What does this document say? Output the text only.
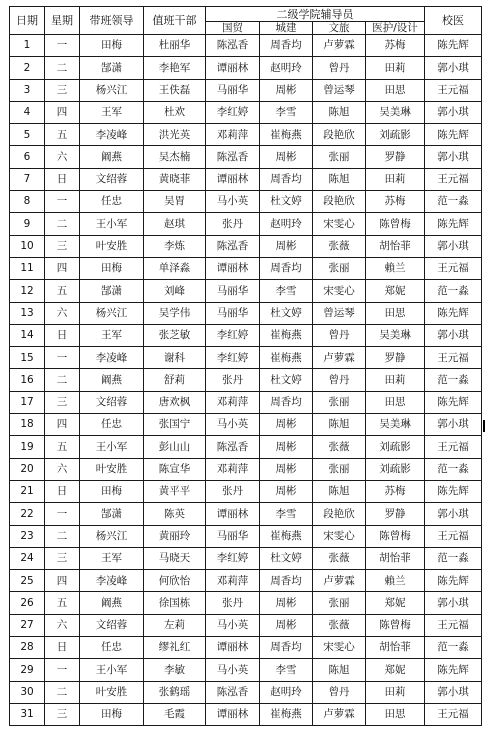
日期	星期	带班领导	值班干部	二级学院辅导员				校医
				国贸	城建	文旅	医护/设计	
1	一	田梅	杜丽华	陈泓香	周香均	卢萝霖	苏梅	陈先辉
2	二	郜潇	李艳军	谭丽林	赵明玲	曾丹	田莉	郭小琪
3	三	杨兴江	王佚磊	马丽华	周彬	曾运琴	田思	王元福
4	四	王军	杜欢	李红婷	李雪	陈旭	吴美琳	郭小琪
5	五	李凌峰	洪光英	邓莉萍	崔梅燕	段艳欣	刘疏影	陈先辉
6	六	阚燕	吴杰楠	陈泓香	周彬	张丽	罗静	郭小琪
7	日	文绍蓉	黄晓菲	谭丽林	周香均	陈旭	田莉	王元福
8	一	任忠	吴胃	马小英	杜文婷	段艳欣	苏梅	范一淼
9	二	王小军	赵琪	张丹	赵明玲	宋雯心	陈曾梅	陈先辉
10	三	叶安胜	李炼	陈泓香	周彬	张薇	胡怡菲	郭小琪
11	四	田梅	单泽淼	谭丽林	周香均	张丽	賴兰	王元福
12	五	郜潇	刘峰	马丽华	李雪	宋雯心	郑妮	范一淼
13	六	杨兴江	吴学伟	马丽华	杜文婷	曾运琴	田思	陈先辉
14	日	王军	张芝敏	李红婷	崔梅燕	曾丹	吴美琳	郭小琪
15	一	李凌峰	谢科	李红婷	崔梅燕	卢萝霖	罗静	王元福
16	二	阚燕	舒莉	张丹	杜文婷	曾丹	田莉	范一淼
17	三	文绍蓉	唐欢枫	邓莉萍	周香均	张丽	田思	陈先辉
18	四	任忠	张国宁	马小英	周彬	陈旭	吴美琳	郭小琪
19	五	王小军	彭山山	陈泓香	周彬	张薇	刘疏影	王元福
20	六	叶安胜	陈宣华	邓莉萍	周彬	张丽	刘疏影	范一淼
21	日	田梅	黄平平	张丹	周彬	陈旭	苏梅	陈先辉
22	一	郜潇	陈英	谭丽林	李雪	段艳欣	罗静	郭小琪
23	二	杨兴江	黄丽玲	马丽华	崔梅燕	宋雯心	陈曾梅	王元福
24	三	王军	马晓天	李红婷	杜文婷	张薇	胡怡菲	范一淼
25	四	李凌峰	何欣怡	邓莉萍	周香均	卢萝霖	賴兰	陈先辉
26	五	阚燕	徐国栋	张丹	周彬	张丽	郑妮	郭小琪
27	六	文绍蓉	左莉	马小英	周彬	张薇	陈曾梅	王元福
28	日	任忠	缪礼红	谭丽林	周香均	宋雯心	胡怡菲	范一淼
29	一	王小军	李敏	马小英	李雪	陈旭	郑妮	陈先辉
30	二	叶安胜	张鹤瑶	陈泓香	赵明玲	曾丹	田莉	郭小琪
31	三	田梅	毛霞	谭丽林	崔梅燕	卢萝霖	田思	王元福
